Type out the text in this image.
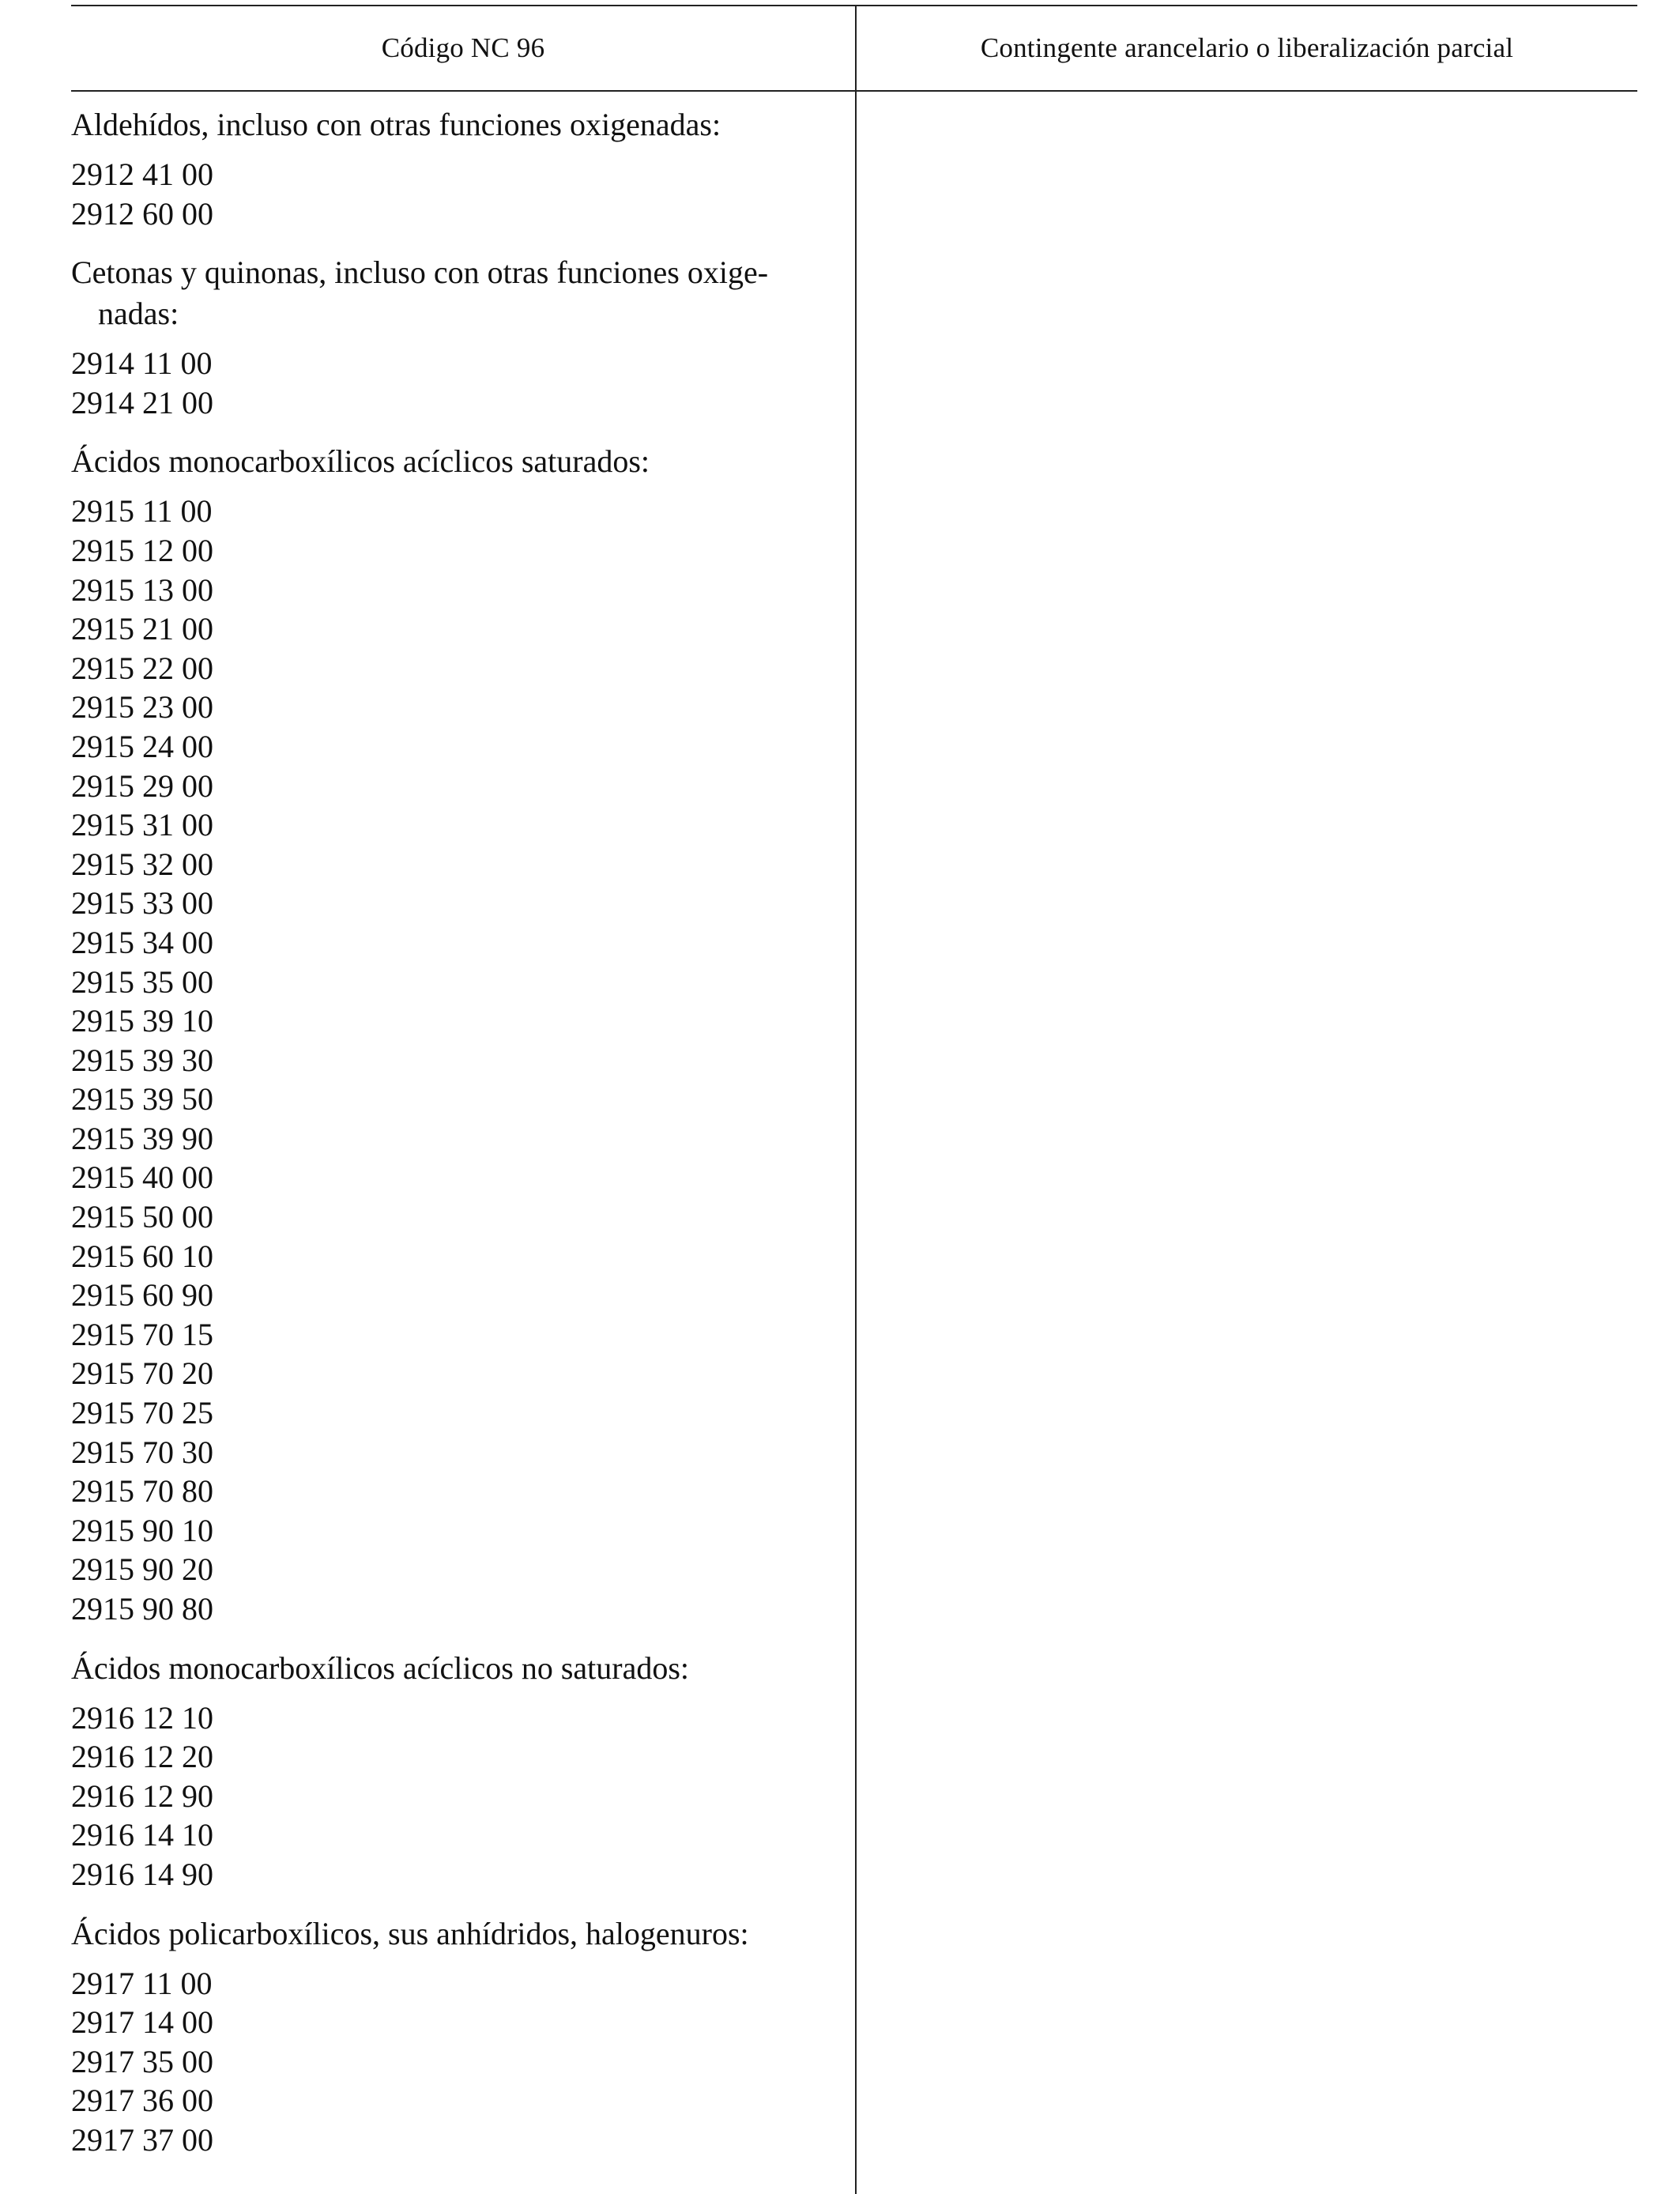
Código NC 96	Contingente arancelario o liberalización parcial
Aldehídos, incluso con otras funciones oxigenadas:
2912 41 00
2912 60 00
Cetonas y quinonas, incluso con otras funciones oxige-nadas:
2914 11 00
2914 21 00
Ácidos monocarboxílicos acíclicos saturados:
2915 11 00
2915 12 00
2915 13 00
2915 21 00
2915 22 00
2915 23 00
2915 24 00
2915 29 00
2915 31 00
2915 32 00
2915 33 00
2915 34 00
2915 35 00
2915 39 10
2915 39 30
2915 39 50
2915 39 90
2915 40 00
2915 50 00
2915 60 10
2915 60 90
2915 70 15
2915 70 20
2915 70 25
2915 70 30
2915 70 80
2915 90 10
2915 90 20
2915 90 80
Ácidos monocarboxílicos acíclicos no saturados:
2916 12 10
2916 12 20
2916 12 90
2916 14 10
2916 14 90
Ácidos policarboxílicos, sus anhídridos, halogenuros:
2917 11 00
2917 14 00
2917 35 00
2917 36 00
2917 37 00
